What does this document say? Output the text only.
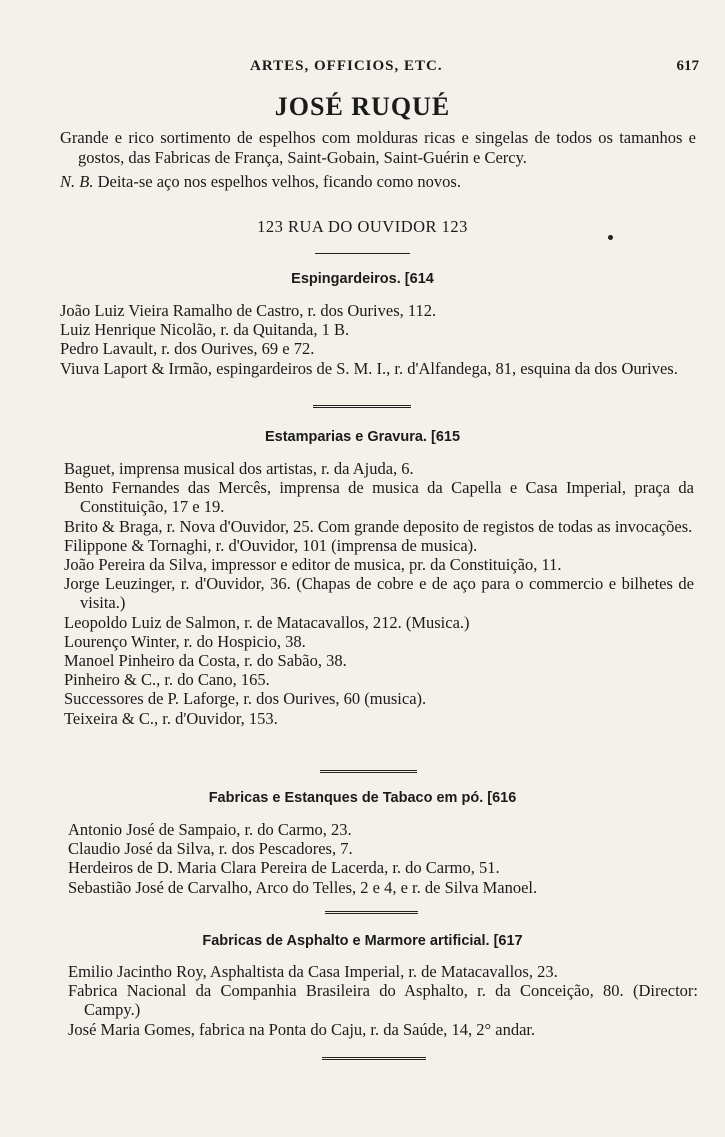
ARTES, OFFICIOS, ETC.	617
JOSÉ RUQUÉ

Grande e rico sortimento de espelhos com molduras ricas e singelas de todos os tamanhos e gostos, das Fabricas de França, Saint-Gobain, Saint-Guérin e Cercy.

N. B. Deita-se aço nos espelhos velhos, ficando como novos.

123 RUA DO OUVIDOR 123
Espingardeiros. [614
João Luiz Vieira Ramalho de Castro, r. dos Ourives, 112.
Luiz Henrique Nicolão, r. da Quitanda, 1 B.
Pedro Lavault, r. dos Ourives, 69 e 72.
Viuva Laport & Irmão, espingardeiros de S. M. I., r. d'Alfandega, 81, esquina da dos Ourives.
Estamparias e Gravura. [615
Baguet, imprensa musical dos artistas, r. da Ajuda, 6.
Bento Fernandes das Mercês, imprensa de musica da Capella e Casa Imperial, praça da Constituição, 17 e 19.
Brito & Braga, r. Nova d'Ouvidor, 25. Com grande deposito de registos de todas as invocações.
Filippone & Tornaghi, r. d'Ouvidor, 101 (imprensa de musica).
João Pereira da Silva, impressor e editor de musica, pr. da Constituição, 11.
Jorge Leuzinger, r. d'Ouvidor, 36. (Chapas de cobre e de aço para o commercio e bilhetes de visita.)
Leopoldo Luiz de Salmon, r. de Matacavallos, 212. (Musica.)
Lourenço Winter, r. do Hospicio, 38.
Manoel Pinheiro da Costa, r. do Sabão, 38.
Pinheiro & C., r. do Cano, 165.
Successores de P. Laforge, r. dos Ourives, 60 (musica).
Teixeira & C., r. d'Ouvidor, 153.
Fabricas e Estanques de Tabaco em pó. [616
Antonio José de Sampaio, r. do Carmo, 23.
Claudio José da Silva, r. dos Pescadores, 7.
Herdeiros de D. Maria Clara Pereira de Lacerda, r. do Carmo, 51.
Sebastião José de Carvalho, Arco do Telles, 2 e 4, e r. de Silva Manoel.
Fabricas de Asphalto e Marmore artificial. [617
Emilio Jacintho Roy, Asphaltista da Casa Imperial, r. de Matacavallos, 23.
Fabrica Nacional da Companhia Brasileira do Asphalto, r. da Conceição, 80. (Director: Campy.)
José Maria Gomes, fabrica na Ponta do Caju, r. da Saúde, 14, 2° andar.
